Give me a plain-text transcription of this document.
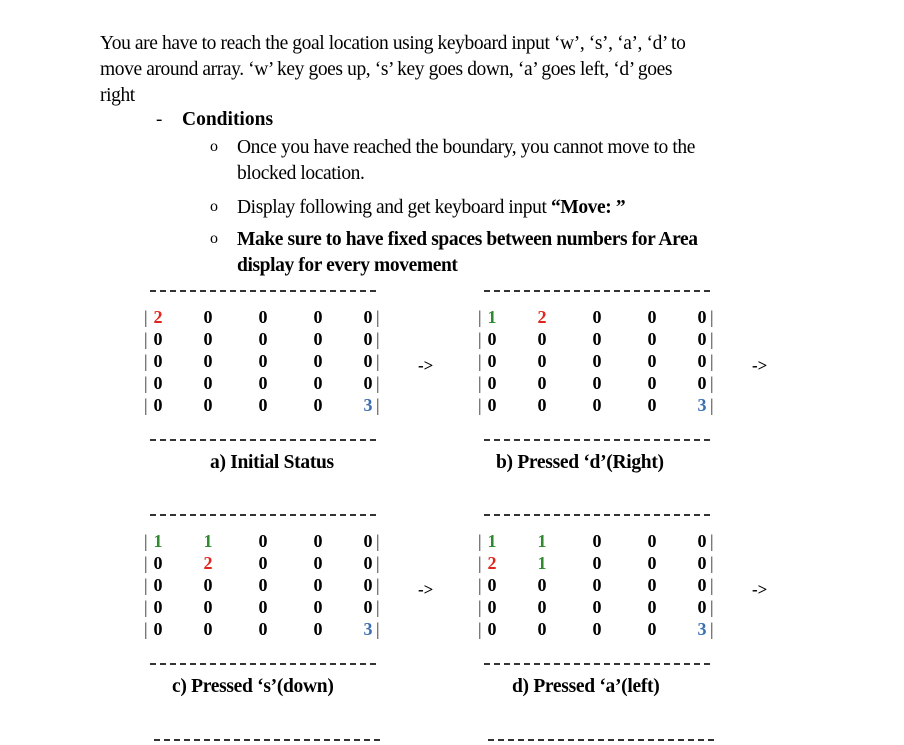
You are have to reach the goal location using keyboard input ‘w’, ‘s’, ‘a’, ‘d’ to
move around array. ‘w’ key goes up, ‘s’ key goes down, ‘a’ goes left, ‘d’ goes
right
- Conditions
o Once you have reached the boundary, you cannot move to the
blocked location.
o Display following and get keyboard input “Move: ”
o Make sure to have fixed spaces between numbers for Area
display for every movement
| 2	0	0	0	0 |
| 0	0	0	0	0 |
| 0	0	0	0	0 |
| 0	0	0	0	0 |
| 0	0	0	0	3 |
| 1	2	0	0	0 |
| 0	0	0	0	0 |
| 0	0	0	0	0 |
| 0	0	0	0	0 |
| 0	0	0	0	3 |
| 1	1	0	0	0 |
| 0	2	0	0	0 |
| 0	0	0	0	0 |
| 0	0	0	0	0 |
| 0	0	0	0	3 |
| 1	1	0	0	0 |
| 2	1	0	0	0 |
| 0	0	0	0	0 |
| 0	0	0	0	0 |
| 0	0	0	0	3 |
->	->
->	->
a) Initial Status	b) Pressed ‘d’(Right)
c) Pressed ‘s’(down)	d) Pressed ‘a’(left)
